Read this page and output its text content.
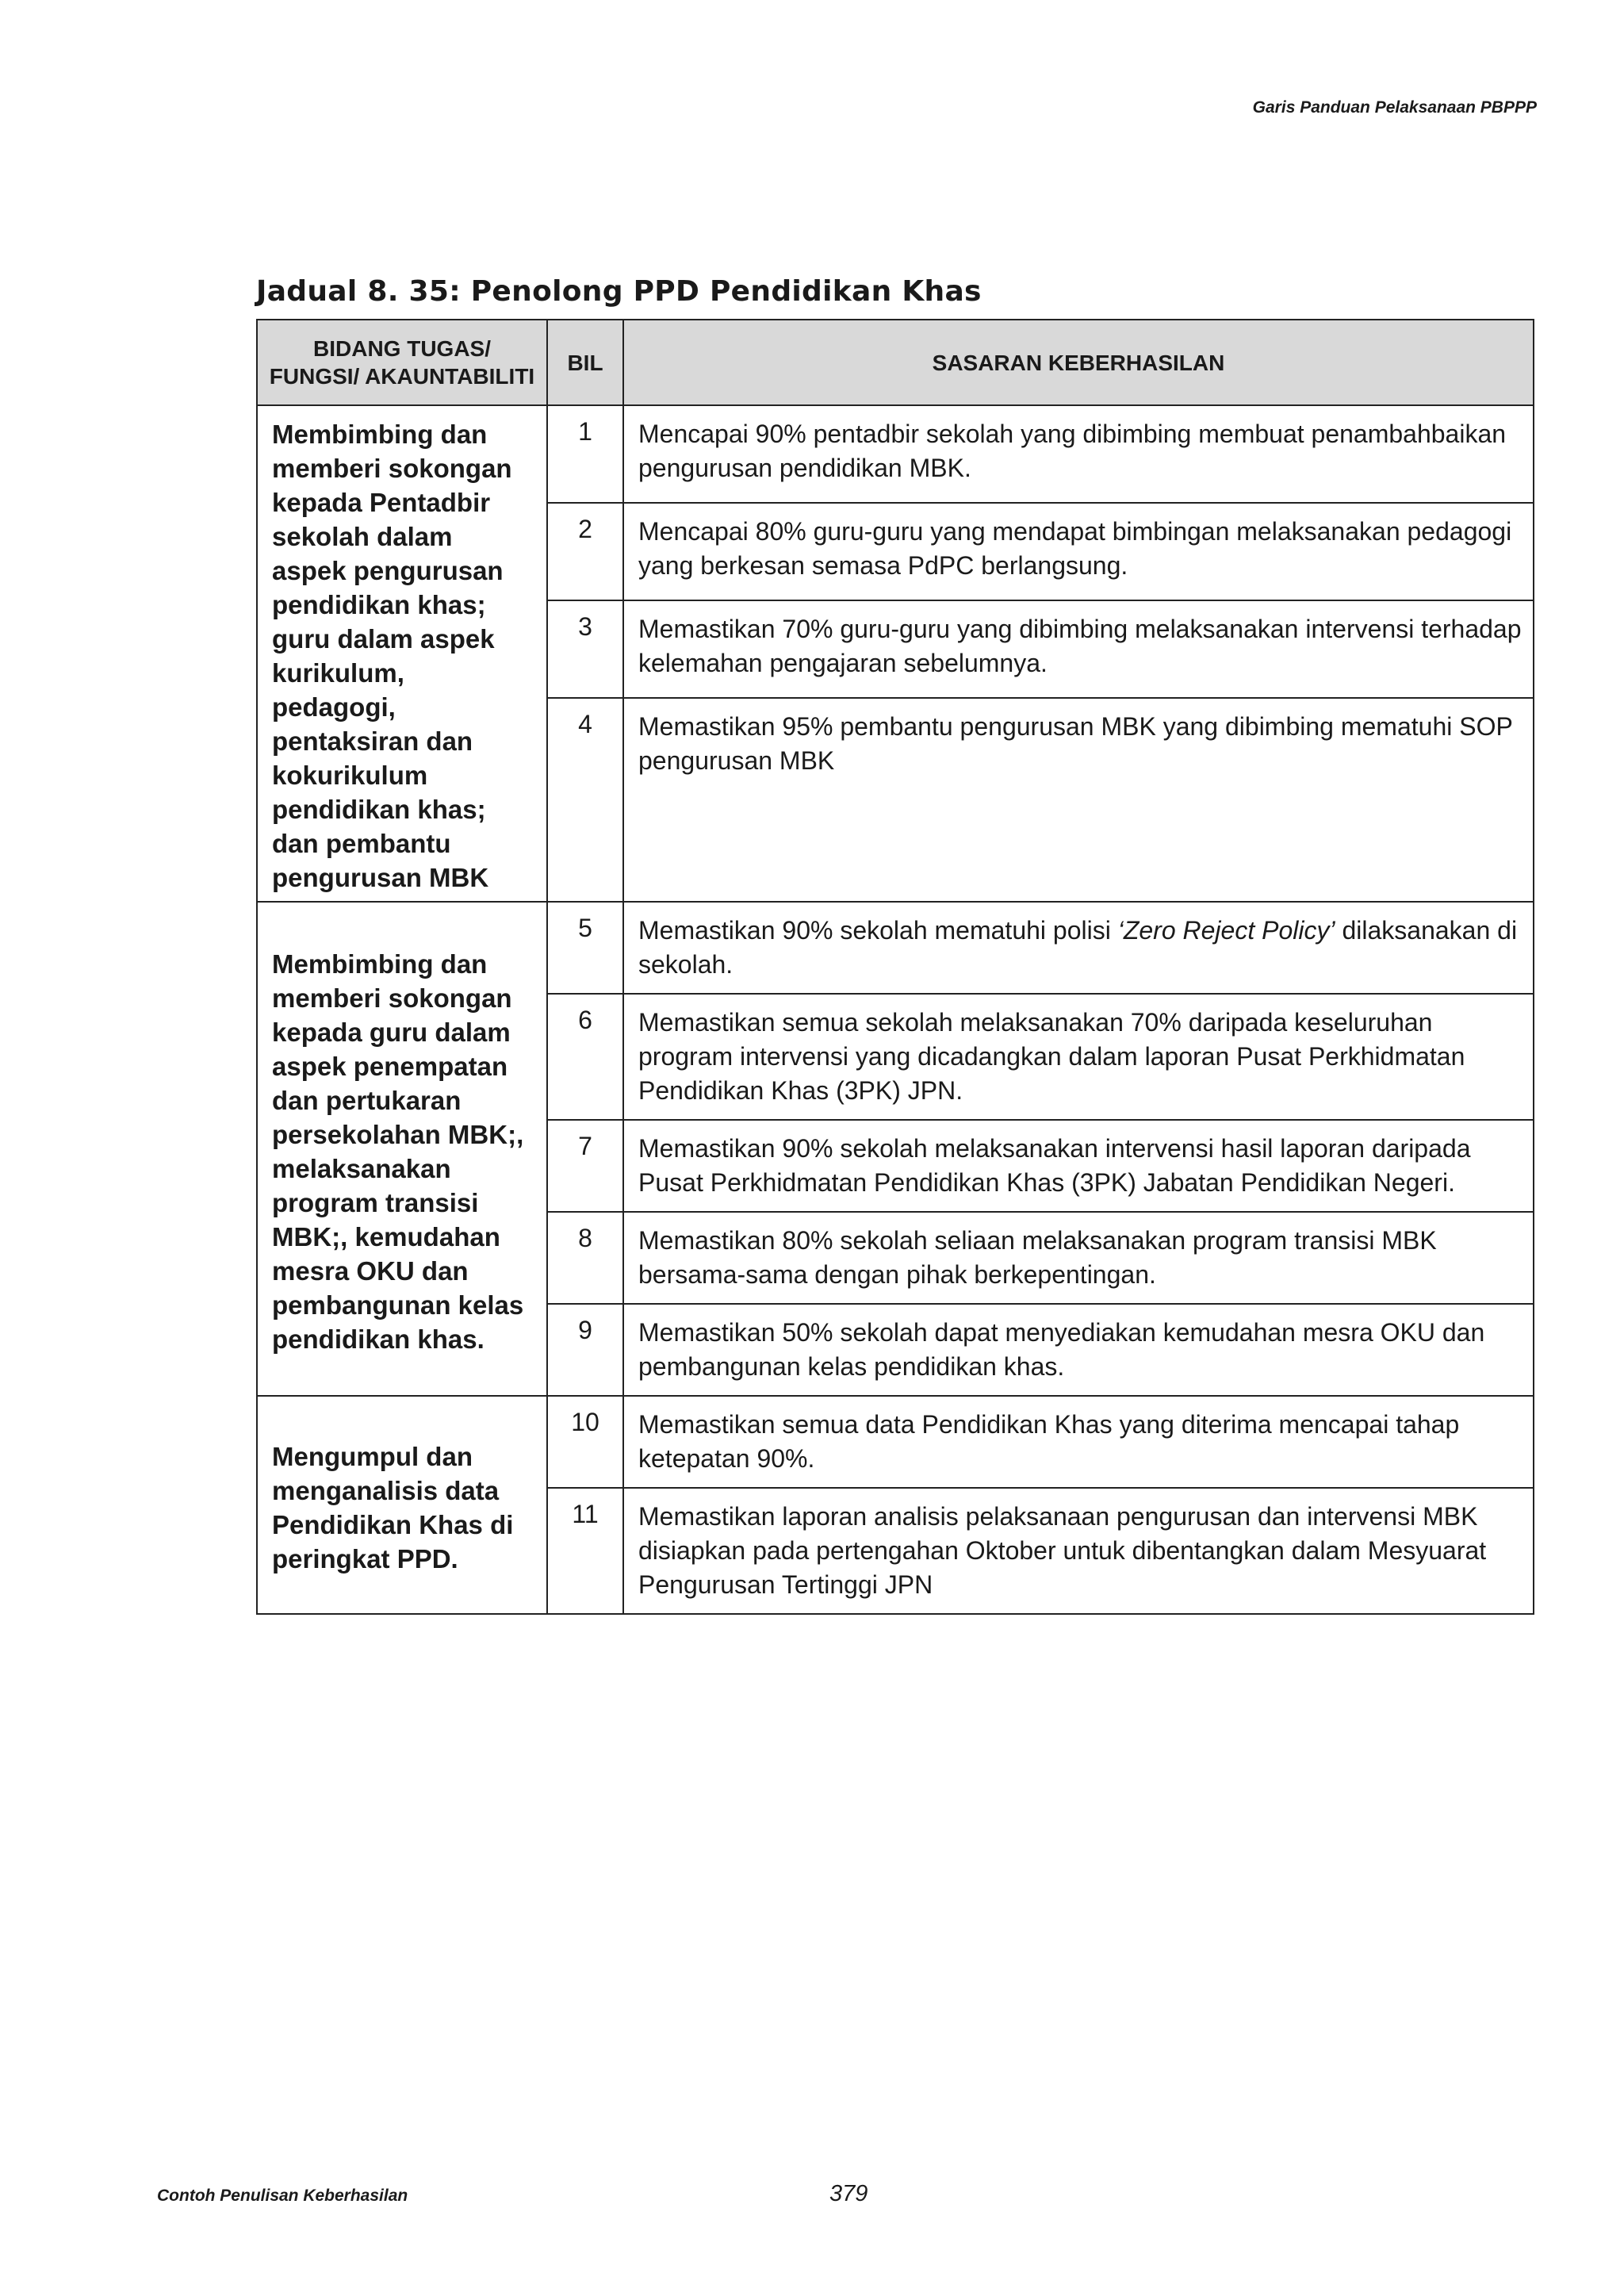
Garis Panduan Pelaksanaan PBPPP
Jadual 8. 35: Penolong PPD Pendidikan Khas
BIDANG TUGAS/
FUNGSI/ AKAUNTABILITI	BIL	SASARAN KEBERHASILAN
Membimbing dan memberi sokongan kepada Pentadbir sekolah dalam aspek pengurusan pendidikan khas; guru dalam aspek kurikulum, pedagogi, pentaksiran dan kokurikulum pendidikan khas; dan pembantu pengurusan MBK	1	Mencapai 90% pentadbir sekolah yang dibimbing membuat penambahbaikan pengurusan pendidikan MBK.
	2	Mencapai 80% guru-guru yang mendapat bimbingan melaksanakan pedagogi yang berkesan semasa PdPC berlangsung.
	3	Memastikan 70% guru-guru yang dibimbing melaksanakan intervensi terhadap kelemahan pengajaran sebelumnya.
	4	Memastikan 95% pembantu pengurusan MBK yang dibimbing mematuhi SOP pengurusan MBK
Membimbing dan memberi sokongan kepada guru dalam aspek penempatan dan pertukaran persekolahan MBK;, melaksanakan program transisi MBK;, kemudahan mesra OKU dan pembangunan kelas pendidikan khas.	5	Memastikan 90% sekolah mematuhi polisi ‘Zero Reject Policy’ dilaksanakan di sekolah.
	6	Memastikan semua sekolah melaksanakan 70% daripada keseluruhan program intervensi yang dicadangkan dalam laporan Pusat Perkhidmatan Pendidikan Khas (3PK) JPN.
	7	Memastikan 90% sekolah melaksanakan intervensi hasil laporan daripada Pusat Perkhidmatan Pendidikan Khas (3PK) Jabatan Pendidikan Negeri.
	8	Memastikan 80% sekolah seliaan melaksanakan program transisi MBK bersama-sama dengan pihak berkepentingan.
	9	Memastikan 50% sekolah dapat menyediakan kemudahan mesra OKU dan pembangunan kelas pendidikan khas.
Mengumpul dan menganalisis data Pendidikan Khas di peringkat PPD.	10	Memastikan semua data Pendidikan Khas yang diterima mencapai tahap ketepatan 90%.
	11	Memastikan laporan analisis pelaksanaan pengurusan dan intervensi MBK disiapkan pada pertengahan Oktober untuk dibentangkan dalam Mesyuarat Pengurusan Tertinggi JPN
Contoh Penulisan Keberhasilan	379
